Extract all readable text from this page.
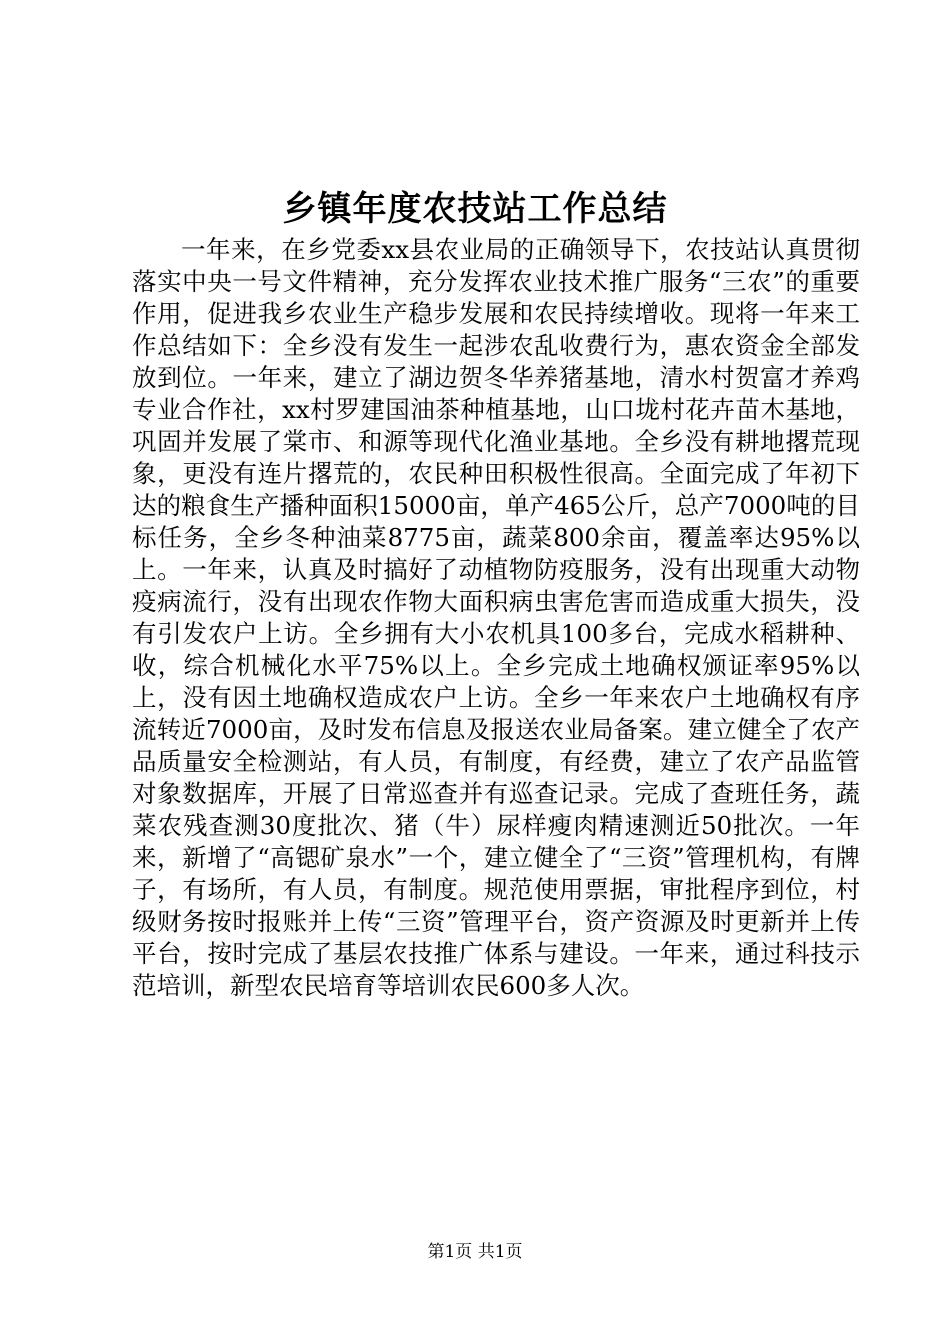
乡镇年度农技站工作总结

一年来，在乡党委xx县农业局的正确领导下，农技站认真贯彻落实中央一号文件精神，充分发挥农业技术推广服务“三农”的重要作用，促进我乡农业生产稳步发展和农民持续增收。现将一年来工作总结如下：全乡没有发生一起涉农乱收费行为，惠农资金全部发放到位。一年来，建立了湖边贺冬华养猪基地，清水村贺富才养鸡专业合作社，xx村罗建国油茶种植基地，山口垅村花卉苗木基地，巩固并发展了棠市、和源等现代化渔业基地。全乡没有耕地撂荒现象，更没有连片撂荒的，农民种田积极性很高。全面完成了年初下达的粮食生产播种面积15000亩，单产465公斤，总产7000吨的目标任务，全乡冬种油菜8775亩，蔬菜800余亩，覆盖率达95%以上。一年来，认真及时搞好了动植物防疫服务，没有出现重大动物疫病流行，没有出现农作物大面积病虫害危害而造成重大损失，没有引发农户上访。全乡拥有大小农机具100多台，完成水稻耕种、收，综合机械化水平75%以上。全乡完成土地确权颁证率95%以上，没有因土地确权造成农户上访。全乡一年来农户土地确权有序流转近7000亩，及时发布信息及报送农业局备案。建立健全了农产品质量安全检测站，有人员，有制度，有经费，建立了农产品监管对象数据库，开展了日常巡查并有巡查记录。完成了查班任务，蔬菜农残查测30度批次、猪（牛）尿样瘦肉精速测近50批次。一年来，新增了“高锶矿泉水”一个，建立健全了“三资”管理机构，有牌子，有场所，有人员，有制度。规范使用票据，审批程序到位，村级财务按时报账并上传“三资”管理平台，资产资源及时更新并上传平台，按时完成了基层农技推广体系与建设。一年来，通过科技示范培训，新型农民培育等培训农民600多人次。

第1页 共1页
